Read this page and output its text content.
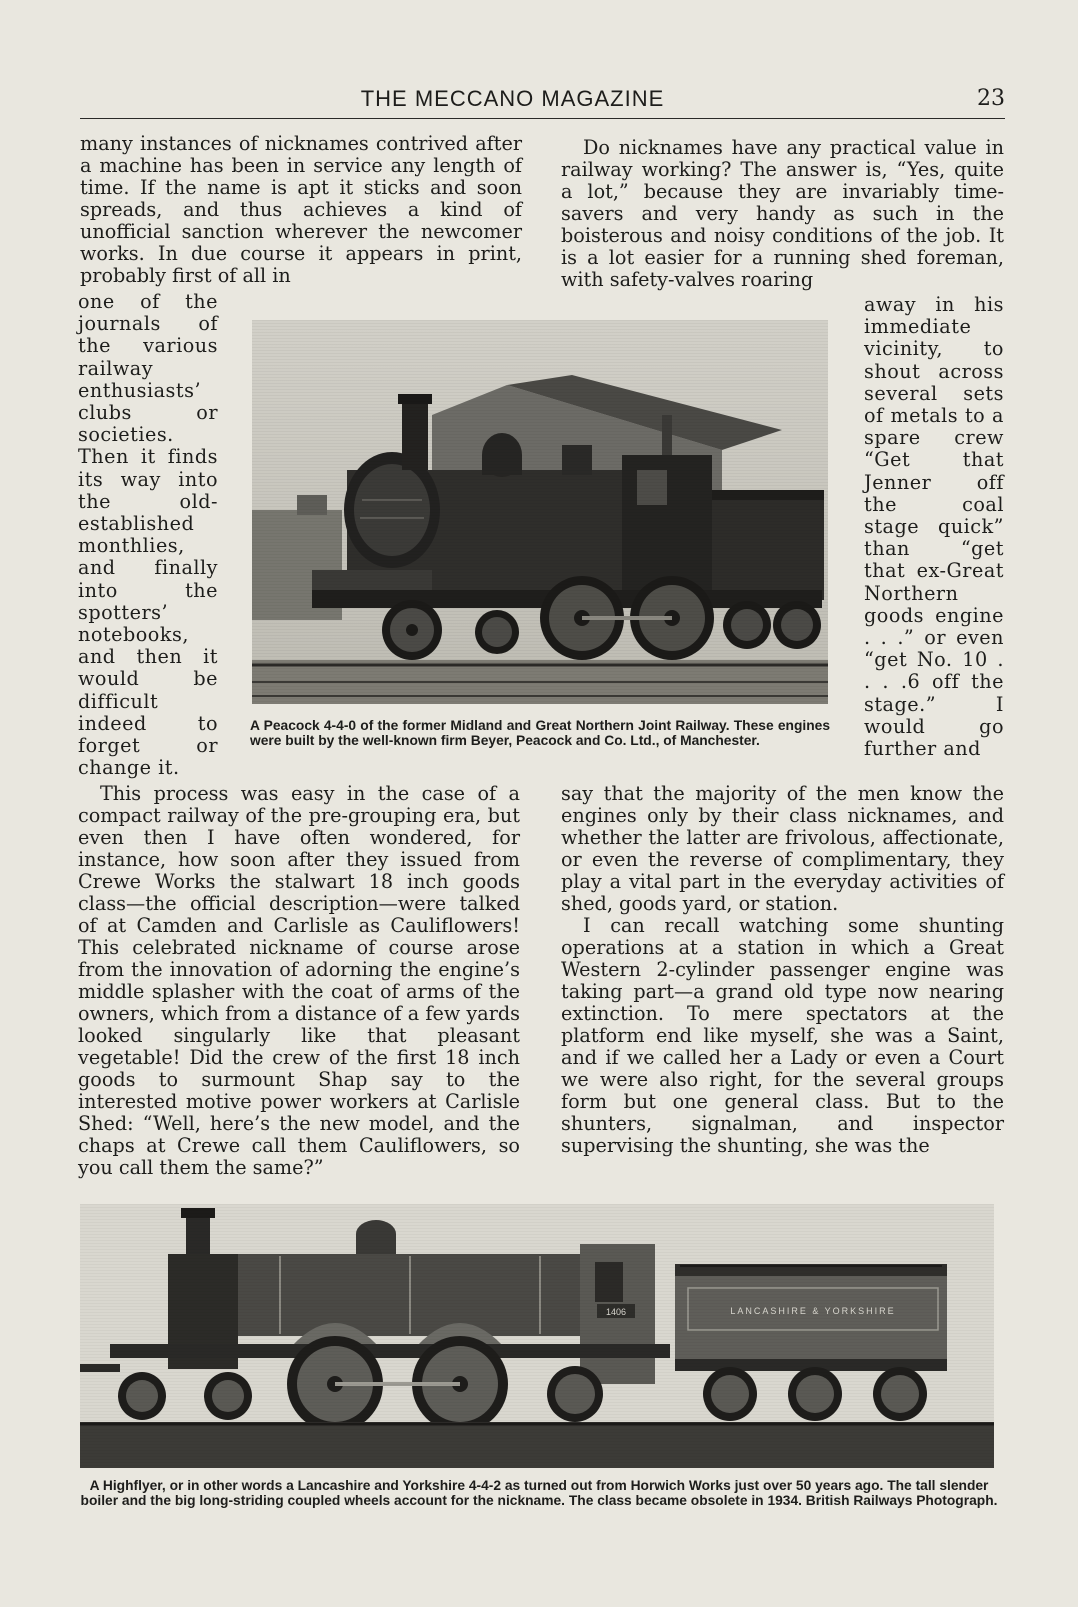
THE MECCANO MAGAZINE	23

many instances of nicknames contrived after a machine has been in service any length of time. If the name is apt it sticks and soon spreads, and thus achieves a kind of unofficial sanction wherever the newcomer works. In due course it appears in print, probably first of all in

one of the journals of the various railway enthusiasts’ clubs or societies. Then it finds its way into the old-established monthlies, and finally into the spotters’ notebooks, and then it would be difficult indeed to forget or change it.

This process was easy in the case of a compact railway of the pre-grouping era, but even then I have often wondered, for instance, how soon after they issued from Crewe Works the stalwart 18 inch goods class—the official description—were talked of at Camden and Carlisle as Cauliflowers! This celebrated nickname of course arose from the innovation of adorning the engine’s middle splasher with the coat of arms of the owners, which from a distance of a few yards looked singularly like that pleasant vegetable! Did the crew of the first 18 inch goods to surmount Shap say to the interested motive power workers at Carlisle Shed: “Well, here’s the new model, and the chaps at Crewe call them Cauliflowers, so you call them the same?”

Do nicknames have any practical value in railway working? The answer is, “Yes, quite a lot,” because they are invariably time-savers and very handy as such in the boisterous and noisy conditions of the job. It is a lot easier for a running shed foreman, with safety-valves roaring

away in his immediate vicinity, to shout across several sets of metals to a spare crew “Get that Jenner off the coal stage quick” than “get that ex-Great Northern goods engine . . .” or even “get No. 10 . . . .6 off the stage.” I would go further and

say that the majority of the men know the engines only by their class nicknames, and whether the latter are frivolous, affectionate, or even the reverse of complimentary, they play a vital part in the everyday activities of shed, goods yard, or station.

I can recall watching some shunting operations at a station in which a Great Western 2-cylinder passenger engine was taking part—a grand old type now nearing extinction. To mere spectators at the platform end like myself, she was a Saint, and if we called her a Lady or even a Court we were also right, for the several groups form but one general class. But to the shunters, signalman, and inspector supervising the shunting, she was the

A Peacock 4-4-0 of the former Midland and Great Northern Joint Railway. These engines were built by the well-known firm Beyer, Peacock and Co. Ltd., of Manchester.
A Highflyer, or in other words a Lancashire and Yorkshire 4-4-2 as turned out from Horwich Works just over 50 years ago. The tall slender boiler and the big long-striding coupled wheels account for the nickname. The class became obsolete in 1934. British Railways Photograph.
